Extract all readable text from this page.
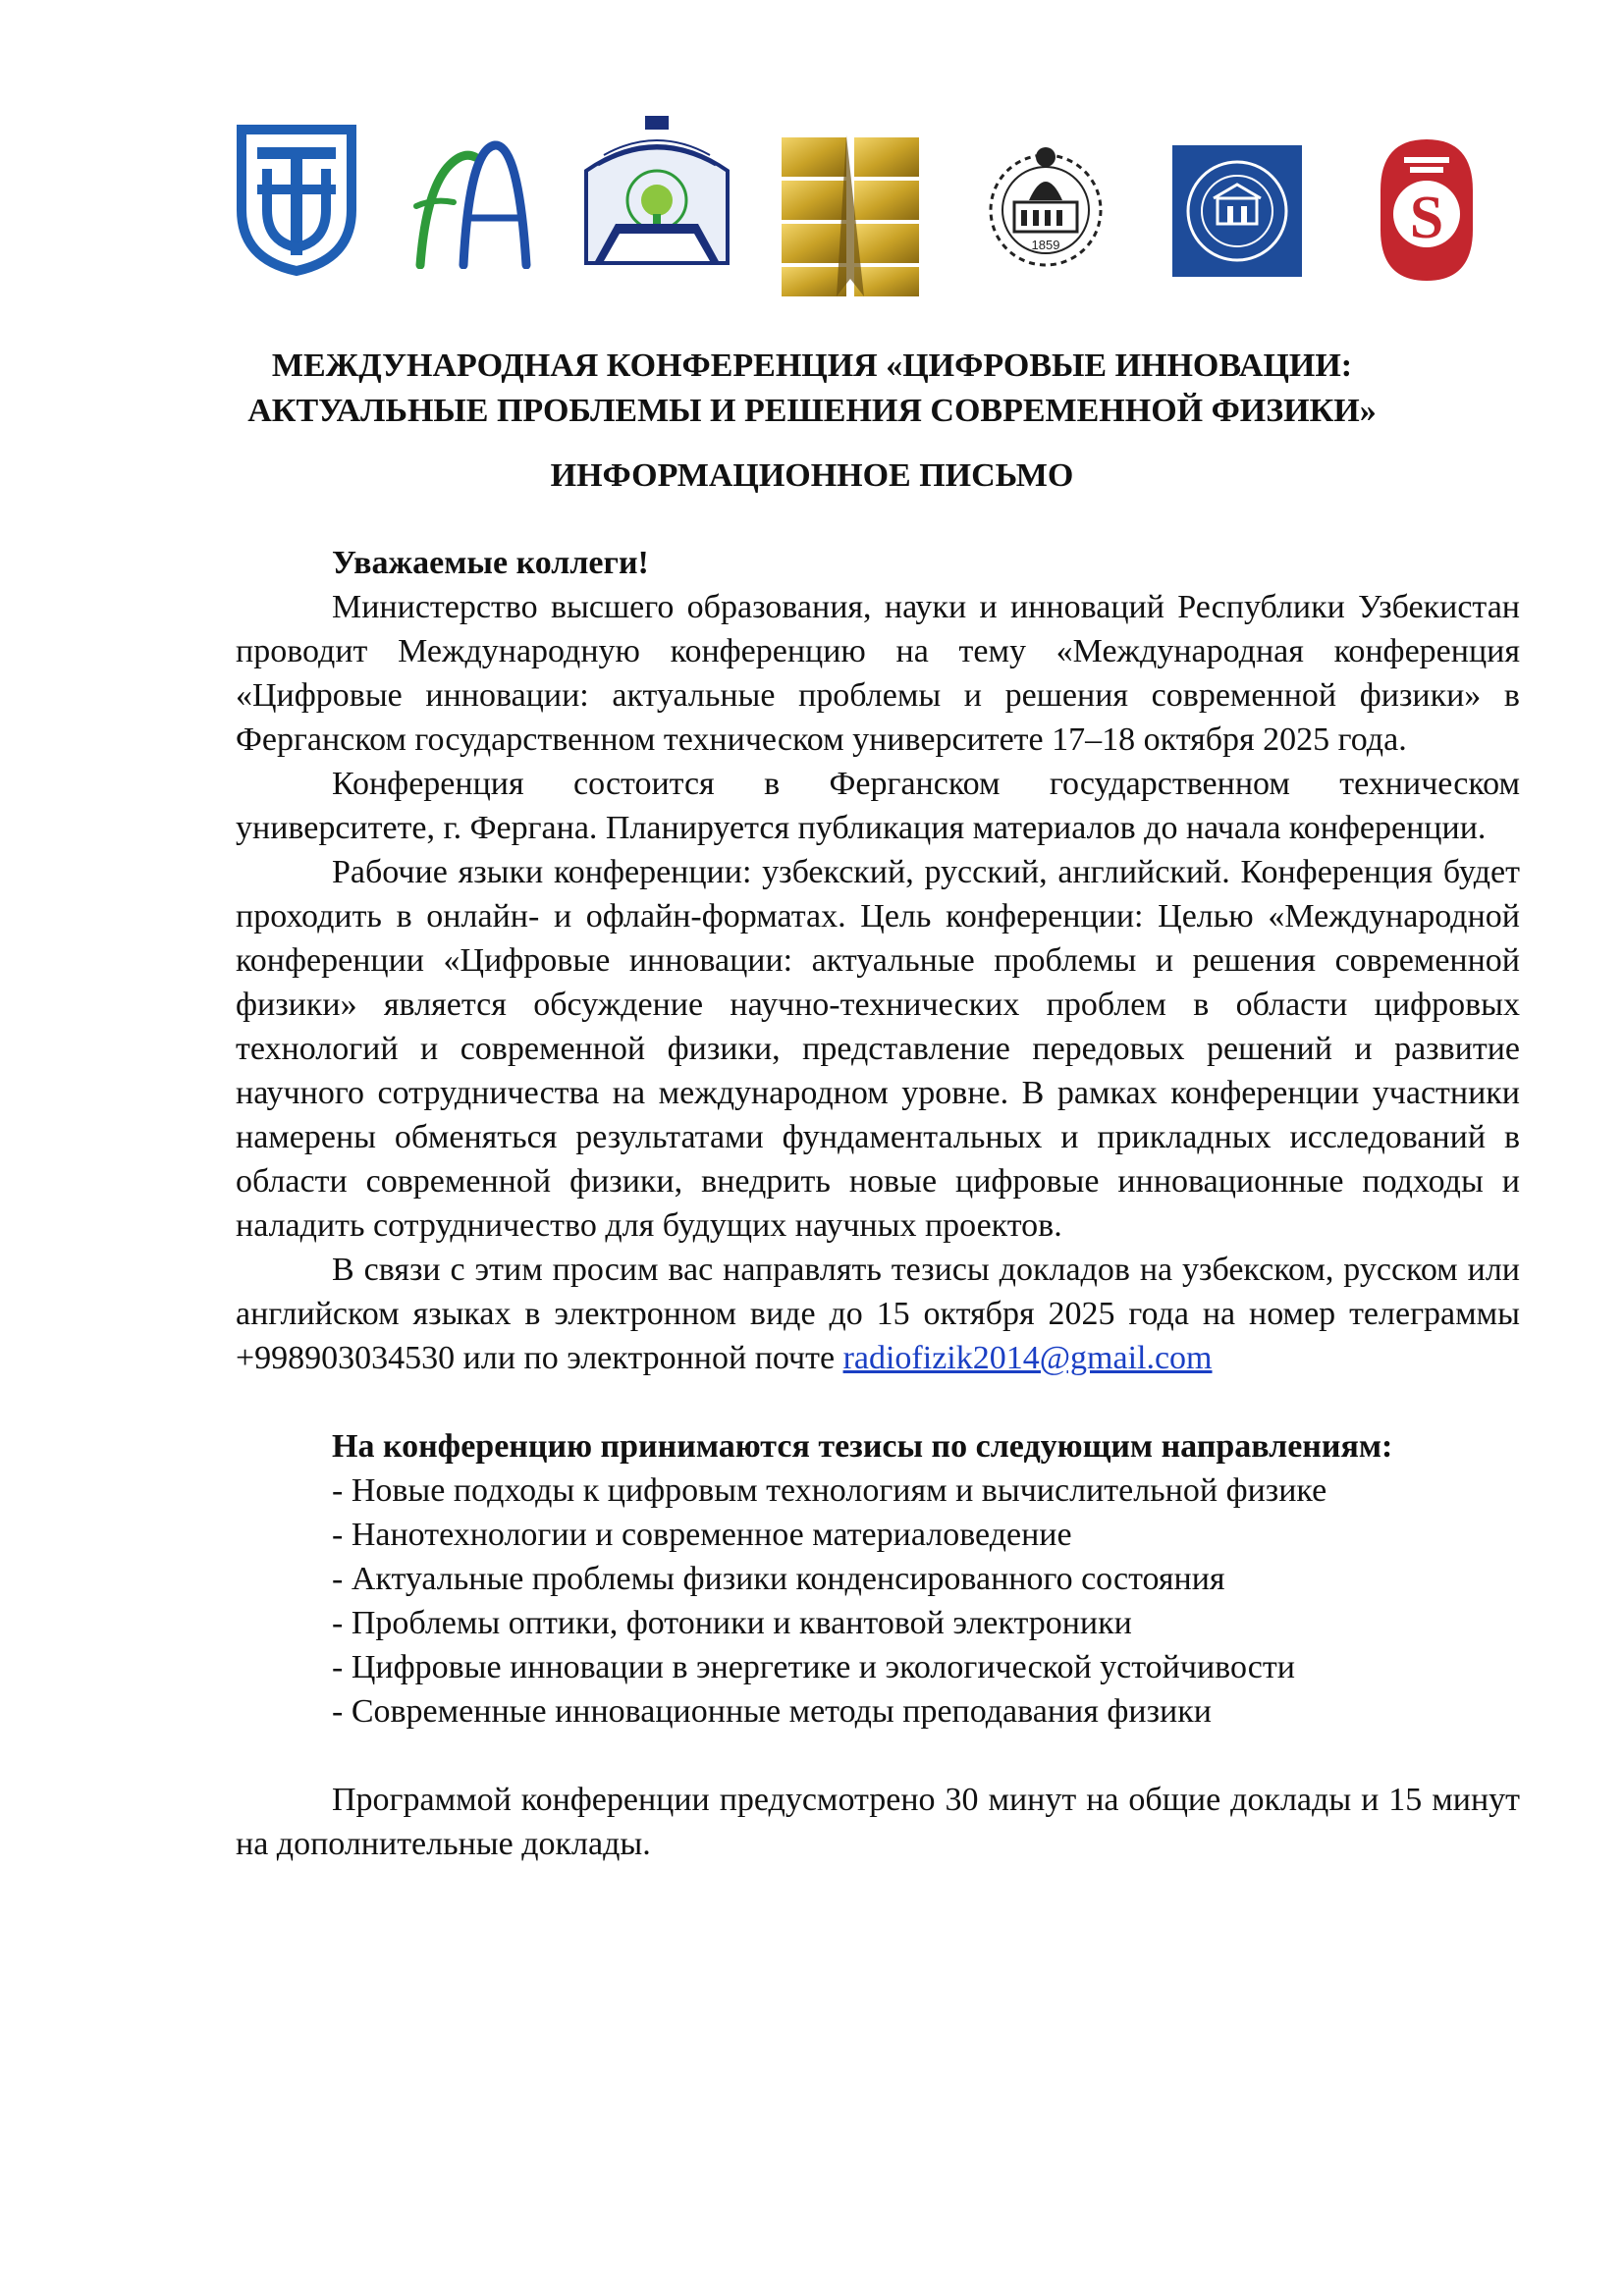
1859	S
МЕЖДУНАРОДНАЯ КОНФЕРЕНЦИЯ «ЦИФРОВЫЕ ИННОВАЦИИ:
АКТУАЛЬНЫЕ ПРОБЛЕМЫ И РЕШЕНИЯ СОВРЕМЕННОЙ ФИЗИКИ»
ИНФОРМАЦИОННОЕ ПИСЬМО

Уважаемые коллеги!

Министерство высшего образования, науки и инноваций Республики Узбекистан проводит Международную конференцию на тему «Международная конференция «Цифровые инновации: актуальные проблемы и решения современной физики» в Ферганском государственном техническом университете 17–18 октября 2025 года.

Конференция состоится в Ферганском государственном техническом университете, г. Фергана. Планируется публикация материалов до начала конференции.

Рабочие языки конференции: узбекский, русский, английский. Конференция будет проходить в онлайн- и офлайн-форматах. Цель конференции: Целью «Международной конференции «Цифровые инновации: актуальные проблемы и решения современной физики» является обсуждение научно-технических проблем в области цифровых технологий и современной физики, представление передовых решений и развитие научного сотрудничества на международном уровне. В рамках конференции участники намерены обменяться результатами фундаментальных и прикладных исследований в области современной физики, внедрить новые цифровые инновационные подходы и наладить сотрудничество для будущих научных проектов.

В связи с этим просим вас направлять тезисы докладов на узбекском, русском или английском языках в электронном виде до 15 октября 2025 года на номер телеграммы +998903034530 или по электронной почте radiofizik2014@gmail.com

На конференцию принимаются тезисы по следующим направлениям:

- Новые подходы к цифровым технологиям и вычислительной физике
- Нанотехнологии и современное материаловедение
- Актуальные проблемы физики конденсированного состояния
- Проблемы оптики, фотоники и квантовой электроники
- Цифровые инновации в энергетике и экологической устойчивости
- Современные инновационные методы преподавания физики

Программой конференции предусмотрено 30 минут на общие доклады и 15 минут на дополнительные доклады.
